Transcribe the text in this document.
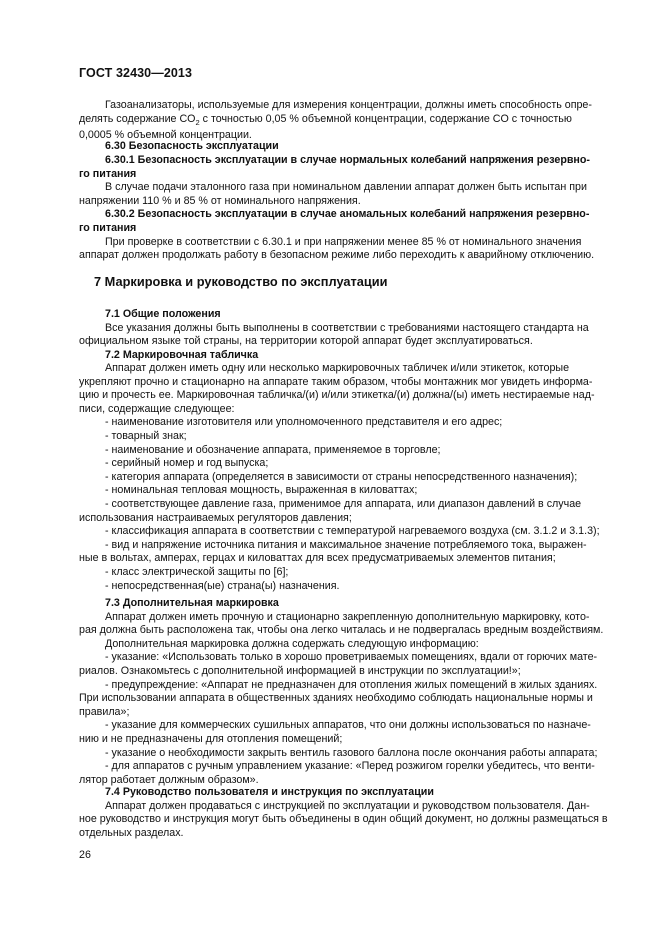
ГОСТ 32430—2013

Газоанализаторы, используемые для измерения концентрации, должны иметь способность опре-

делять содержание $CO_2$ с точностью 0,05 % объемной концентрации, содержание CO с точностью

0,0005 % объемной концентрации.

6.30 Безопасность эксплуатации

6.30.1 Безопасность эксплуатации в случае нормальных колебаний напряжения резервно-

го питания

В случае подачи эталонного газа при номинальном давлении аппарат должен быть испытан при

напряжении 110 % и 85 % от номинального напряжения.

6.30.2 Безопасность эксплуатации в случае аномальных колебаний напряжения резервно-

го питания

При проверке в соответствии с 6.30.1 и при напряжении менее 85 % от номинального значения

аппарат должен продолжать работу в безопасном режиме либо переходить к аварийному отключению.

7 Маркировка и руководство по эксплуатации

7.1 Общие положения

Все указания должны быть выполнены в соответствии с требованиями настоящего стандарта на

официальном языке той страны, на территории которой аппарат будет эксплуатироваться.

7.2 Маркировочная табличка

Аппарат должен иметь одну или несколько маркировочных табличек и/или этикеток, которые

укрепляют прочно и стационарно на аппарате таким образом, чтобы монтажник мог увидеть информа-

цию и прочесть ее. Маркировочная табличка/(и) и/или этикетка/(и) должна/(ы) иметь нестираемые над-

писи, содержащие следующее:

- наименование изготовителя или уполномоченного представителя и его адрес;

- товарный знак;

- наименование и обозначение аппарата, применяемое в торговле;

- серийный номер и год выпуска;

- категория аппарата (определяется в зависимости от страны непосредственного назначения);

- номинальная тепловая мощность, выраженная в киловаттах;

- соответствующее давление газа, применимое для аппарата, или диапазон давлений в случае

использования настраиваемых регуляторов давления;

- классификация аппарата в соответствии с температурой нагреваемого воздуха (см. 3.1.2 и 3.1.3);

- вид и напряжение источника питания и максимальное значение потребляемого тока, выражен-

ные в вольтах, амперах, герцах и киловаттах для всех предусматриваемых элементов питания;

- класс электрической защиты по [6];

- непосредственная(ые) страна(ы) назначения.

7.3 Дополнительная маркировка

Аппарат должен иметь прочную и стационарно закрепленную дополнительную маркировку, кото-

рая должна быть расположена так, чтобы она легко читалась и не подвергалась вредным воздействиям.

Дополнительная маркировка должна содержать следующую информацию:

- указание: «Использовать только в хорошо проветриваемых помещениях, вдали от горючих мате-

риалов. Ознакомьтесь с дополнительной информацией в инструкции по эксплуатации!»;

- предупреждение: «Аппарат не предназначен для отопления жилых помещений в жилых зданиях.

При использовании аппарата в общественных зданиях необходимо соблюдать национальные нормы и

правила»;

- указание для коммерческих сушильных аппаратов, что они должны использоваться по назначе-

нию и не предназначены для отопления помещений;

- указание о необходимости закрыть вентиль газового баллона после окончания работы аппарата;

- для аппаратов с ручным управлением указание: «Перед розжигом горелки убедитесь, что венти-

лятор работает должным образом».

7.4 Руководство пользователя и инструкция по эксплуатации

Аппарат должен продаваться с инструкцией по эксплуатации и руководством пользователя. Дан-

ное руководство и инструкция могут быть объединены в один общий документ, но должны размещаться в

отдельных разделах.

26
